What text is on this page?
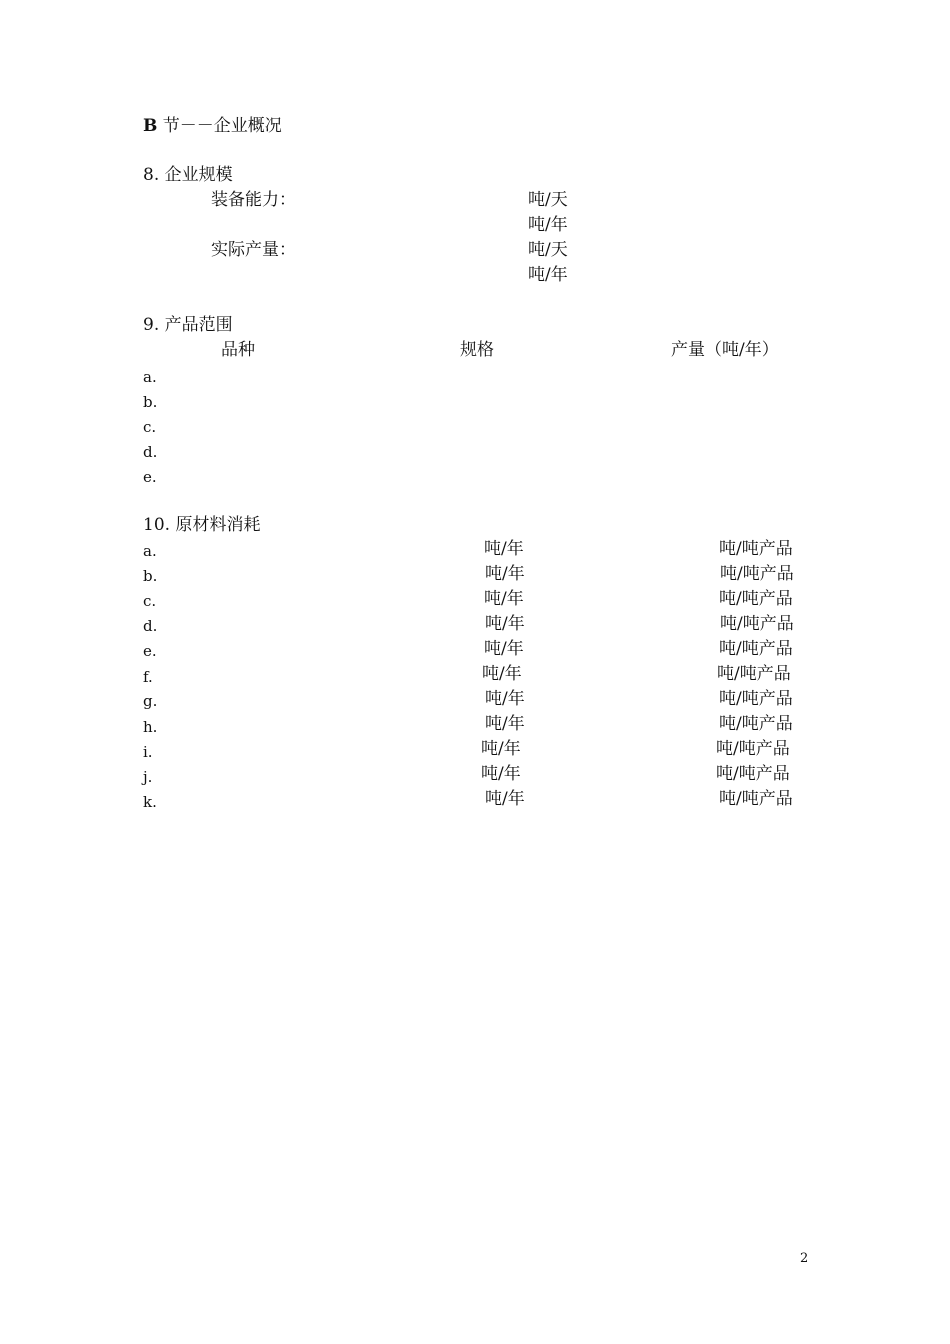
B 节－－企业概况
8. 企业规模
装备能力：	吨/天
吨/年
实际产量：	吨/天
吨/年
9. 产品范围
品种	规格	产量（吨/年）
a.
b.
c.
d.
e.
10. 原材料消耗
a.	吨/年	吨/吨产品
b.	吨/年	吨/吨产品
c.	吨/年	吨/吨产品
d.	吨/年	吨/吨产品
e.	吨/年	吨/吨产品
f.	吨/年	吨/吨产品
g.	吨/年	吨/吨产品
h.	吨/年	吨/吨产品
i.	吨/年	吨/吨产品
j.	吨/年	吨/吨产品
k.	吨/年	吨/吨产品
2
